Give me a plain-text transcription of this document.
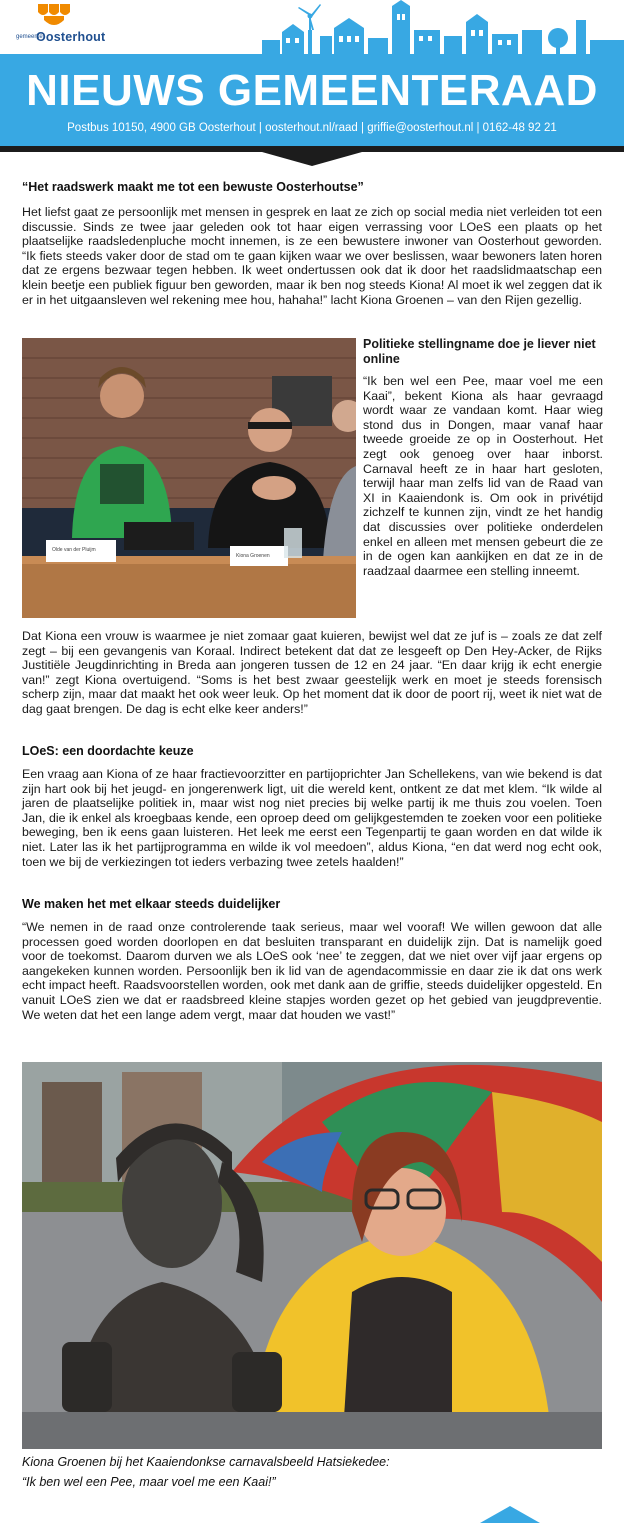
gemeente
Oosterhout
NIEUWS GEMEENTERAAD
Postbus 10150, 4900 GB Oosterhout | oosterhout.nl/raad | griffie@oosterhout.nl | 0162-48 92 21
“Het raadswerk maakt me tot een bewuste Oosterhoutse”
Het liefst gaat ze persoonlijk met mensen in gesprek en laat ze zich op social media niet verleiden tot een discussie. Sinds ze twee jaar geleden ook tot haar eigen verrassing voor LOeS een plaats op het plaatselijke raadsledenpluche mocht innemen, is ze een bewustere inwoner van Oosterhout geworden. “Ik fiets steeds vaker door de stad om te gaan kijken waar we over beslissen, waar bewoners laten horen dat ze ergens bezwaar tegen hebben. Ik weet ondertussen ook dat ik door het raadslidmaatschap een klein beetje een publiek figuur ben geworden, maar ik ben nog steeds Kiona! Al moet ik wel zeggen dat ik er in het uitgaansleven wel rekening mee hou, hahaha!” lacht Kiona Groenen – van den Rijen gezellig.
Olde van der Pluijm
Kiona Groenen
Politieke stellingname doe je liever niet online
“Ik ben wel een Pee, maar voel me een Kaai”, bekent Kiona als haar gevraagd wordt waar ze vandaan komt. Haar wieg stond dus in Dongen, maar vanaf haar tweede groeide ze op in Oosterhout. Het zegt ook genoeg over haar inborst. Carnaval heeft ze in haar hart gesloten, terwijl haar man zelfs lid van de Raad van XI in Kaaiendonk is. Om ook in privétijd zichzelf te kunnen zijn, vindt ze het handig dat discussies over politieke onderdelen enkel en alleen met mensen gebeurt die ze in de ogen kan aankijken en dat ze in de raadzaal daarmee een stelling inneemt.
Dat Kiona een vrouw is waarmee je niet zomaar gaat kuieren, bewijst wel dat ze juf is – zoals ze dat zelf zegt – bij een gevangenis van Koraal. Indirect betekent dat dat ze lesgeeft op Den Hey-Acker, de Rijks Justitiële Jeugdinrichting in Breda aan jongeren tussen de 12 en 24 jaar. “En daar krijg ik echt energie van!” zegt Kiona overtuigend. “Soms is het best zwaar geestelijk werk en moet je steeds forensisch scherp zijn, maar dat maakt het ook weer leuk. Op het moment dat ik door de poort rij, weet ik niet wat de dag gaat brengen. De dag is echt elke keer anders!”
LOeS: een doordachte keuze
Een vraag aan Kiona of ze haar fractievoorzitter en partijoprichter Jan Schellekens, van wie bekend is dat zijn hart ook bij het jeugd- en jongerenwerk ligt, uit die wereld kent, ontkent ze dat met klem. “Ik wilde al jaren de plaatselijke politiek in, maar wist nog niet precies bij welke partij ik me thuis zou voelen. Toen Jan, die ik enkel als kroegbaas kende, een oproep deed om gelijkgestemden te zoeken voor een politieke beweging, ben ik eens gaan luisteren. Het leek me eerst een Tegenpartij te gaan worden en dat wilde ik niet. Later las ik het partijprogramma en wilde ik vol meedoen”, aldus Kiona, “en dat werd nog echt ook, toen we bij de verkiezingen tot ieders verbazing twee zetels haalden!”
We maken het met elkaar steeds duidelijker
“We nemen in de raad onze controlerende taak serieus, maar wel vooraf! We willen gewoon dat alle processen goed worden doorlopen en dat besluiten transparant en duidelijk zijn. Dat is namelijk goed voor de toekomst. Daarom durven we als LOeS ook ‘nee’ te zeggen, dat we niet over vijf jaar ergens op aangekeken kunnen worden. Persoonlijk ben ik lid van de agendacommissie en daar zie ik dat ons werk echt impact heeft. Raadsvoorstellen worden, ook met dank aan de griffie, steeds duidelijker opgesteld. En vanuit LOeS zien we dat er raadsbreed kleine stapjes worden gezet op het gebied van jeugdpreventie. We weten dat het een lange adem vergt, maar dat houden we vast!”
Kiona Groenen bij het Kaaiendonkse carnavalsbeeld Hatsiekedee:
“Ik ben wel een Pee, maar voel me een Kaai!”
